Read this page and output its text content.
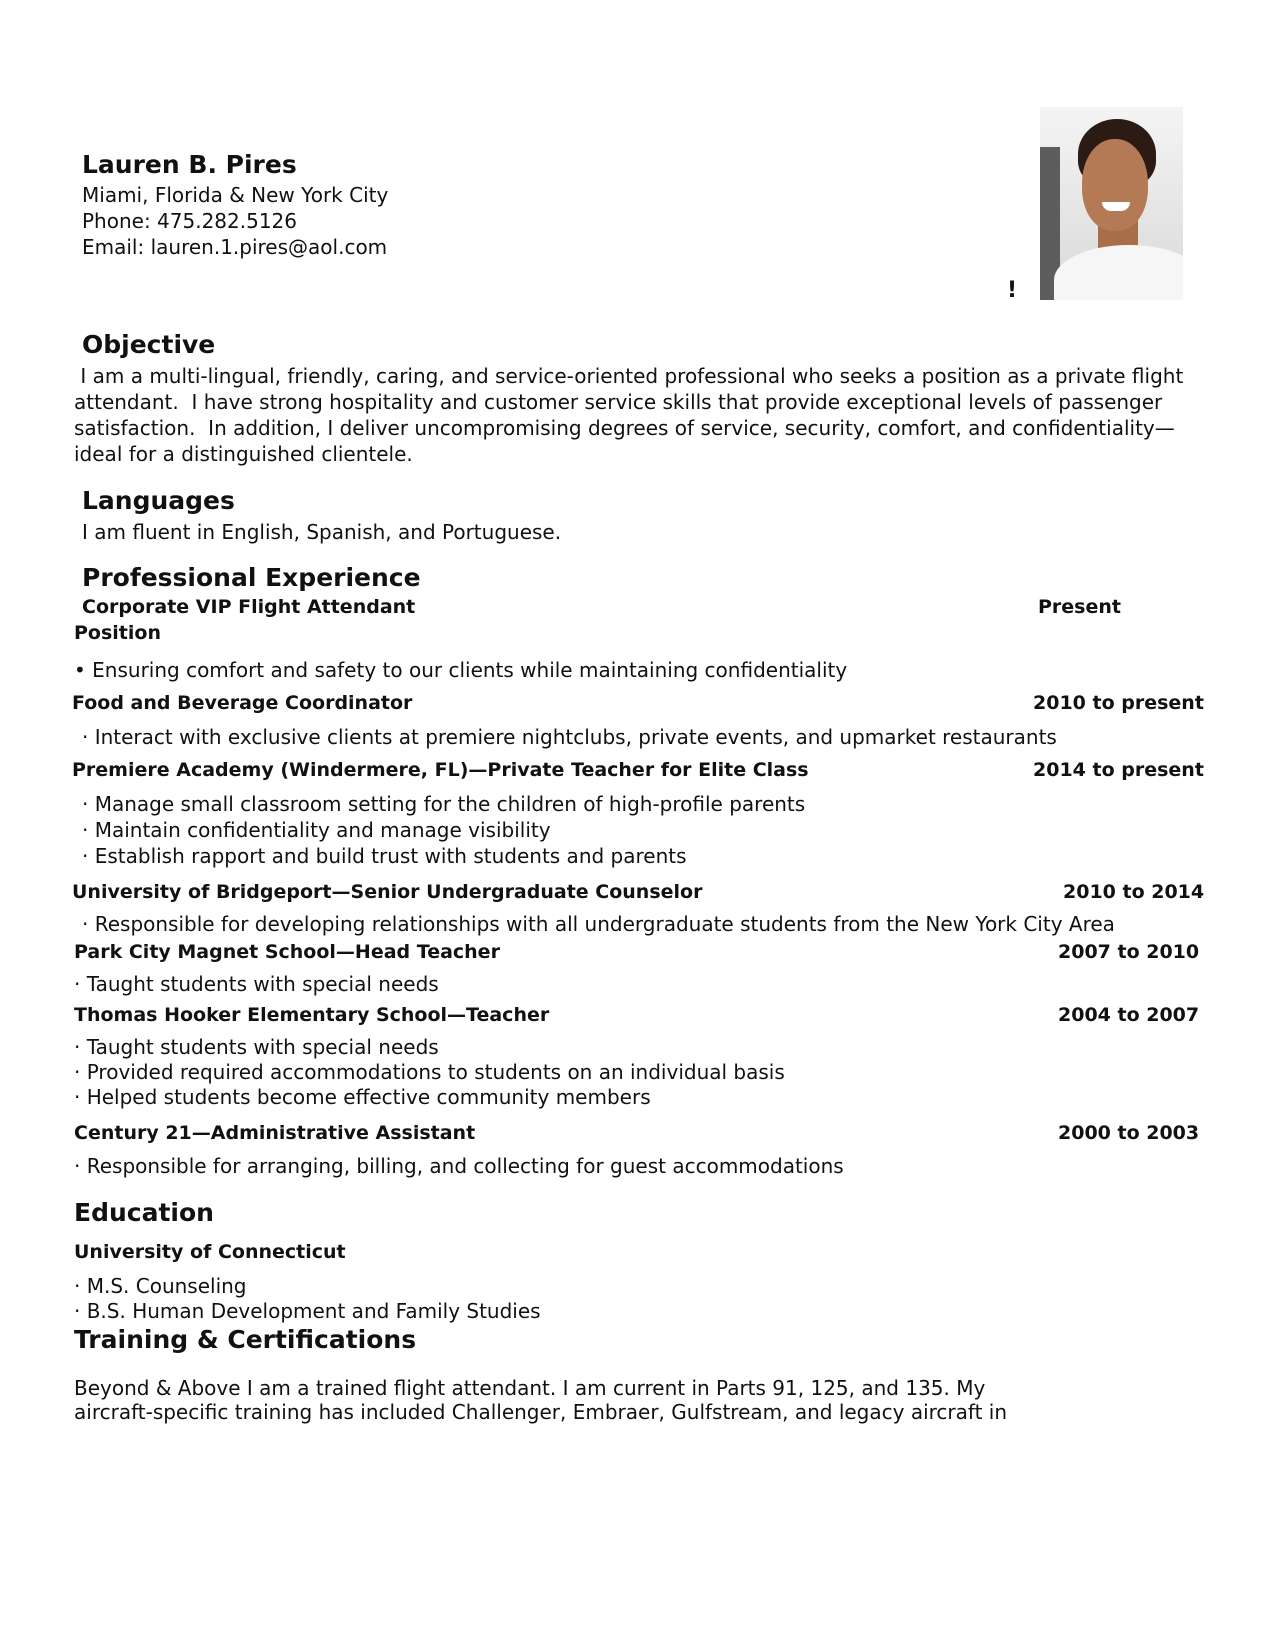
Lauren B. Pires
Miami, Florida & New York City
Phone: 475.282.5126
Email: lauren.1.pires@aol.com
!
Objective
I am a multi-lingual, friendly, caring, and service-oriented professional who seeks a position as a private flight
attendant.  I have strong hospitality and customer service skills that provide exceptional levels of passenger
satisfaction.  In addition, I deliver uncompromising degrees of service, security, comfort, and confidentiality—
ideal for a distinguished clientele.
Languages
I am fluent in English, Spanish, and Portuguese.
Professional Experience
Corporate VIP Flight Attendant	Present
Position
• Ensuring comfort and safety to our clients while maintaining confidentiality
Food and Beverage Coordinator	2010 to present
· Interact with exclusive clients at premiere nightclubs, private events, and upmarket restaurants
Premiere Academy (Windermere, FL)—Private Teacher for Elite Class	2014 to present
· Manage small classroom setting for the children of high-profile parents
· Maintain confidentiality and manage visibility
· Establish rapport and build trust with students and parents
University of Bridgeport—Senior Undergraduate Counselor	2010 to 2014
· Responsible for developing relationships with all undergraduate students from the New York City Area
Park City Magnet School—Head Teacher	2007 to 2010
· Taught students with special needs
Thomas Hooker Elementary School—Teacher	2004 to 2007
· Taught students with special needs
· Provided required accommodations to students on an individual basis
· Helped students become effective community members
Century 21—Administrative Assistant	2000 to 2003
· Responsible for arranging, billing, and collecting for guest accommodations
Education
University of Connecticut
· M.S. Counseling
· B.S. Human Development and Family Studies
Training & Certifications
Beyond & Above I am a trained flight attendant. I am current in Parts 91, 125, and 135. My
aircraft-specific training has included Challenger, Embraer, Gulfstream, and legacy aircraft in
